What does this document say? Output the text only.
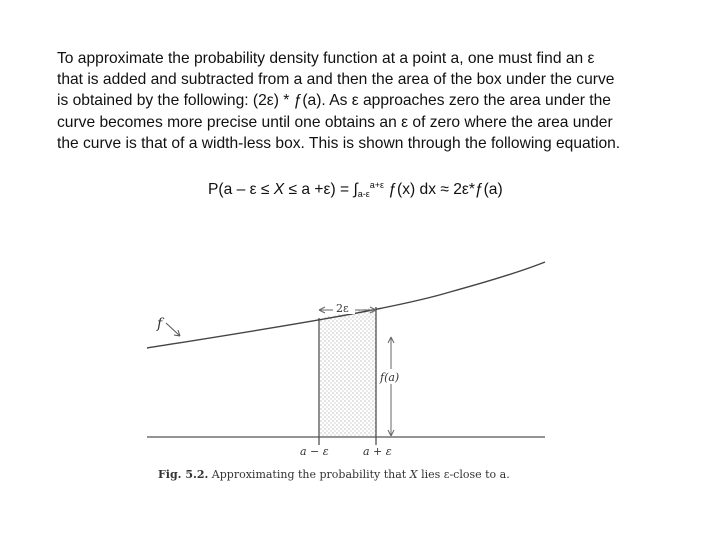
To approximate the probability density function at a point a, one must find an ε
that is added and subtracted from a and then the area of the box under the curve
is obtained by the following: (2ε) * ƒ(a). As ε approaches zero the area under the
curve becomes more precise until one obtains an ε of zero where the area under
the curve is that of a width-less box. This is shown through the following equation.

$P(a - \varepsilon \le X \le a +\varepsilon) = \int a-\varepsilon^{a+\varepsilon}$ ƒ(x) dx ≈ 2ε*ƒ(a)
f
2ε
f(a)
a − ε	a + ε
Fig. 5.2. Approximating the probability that X lies ε-close to a.
